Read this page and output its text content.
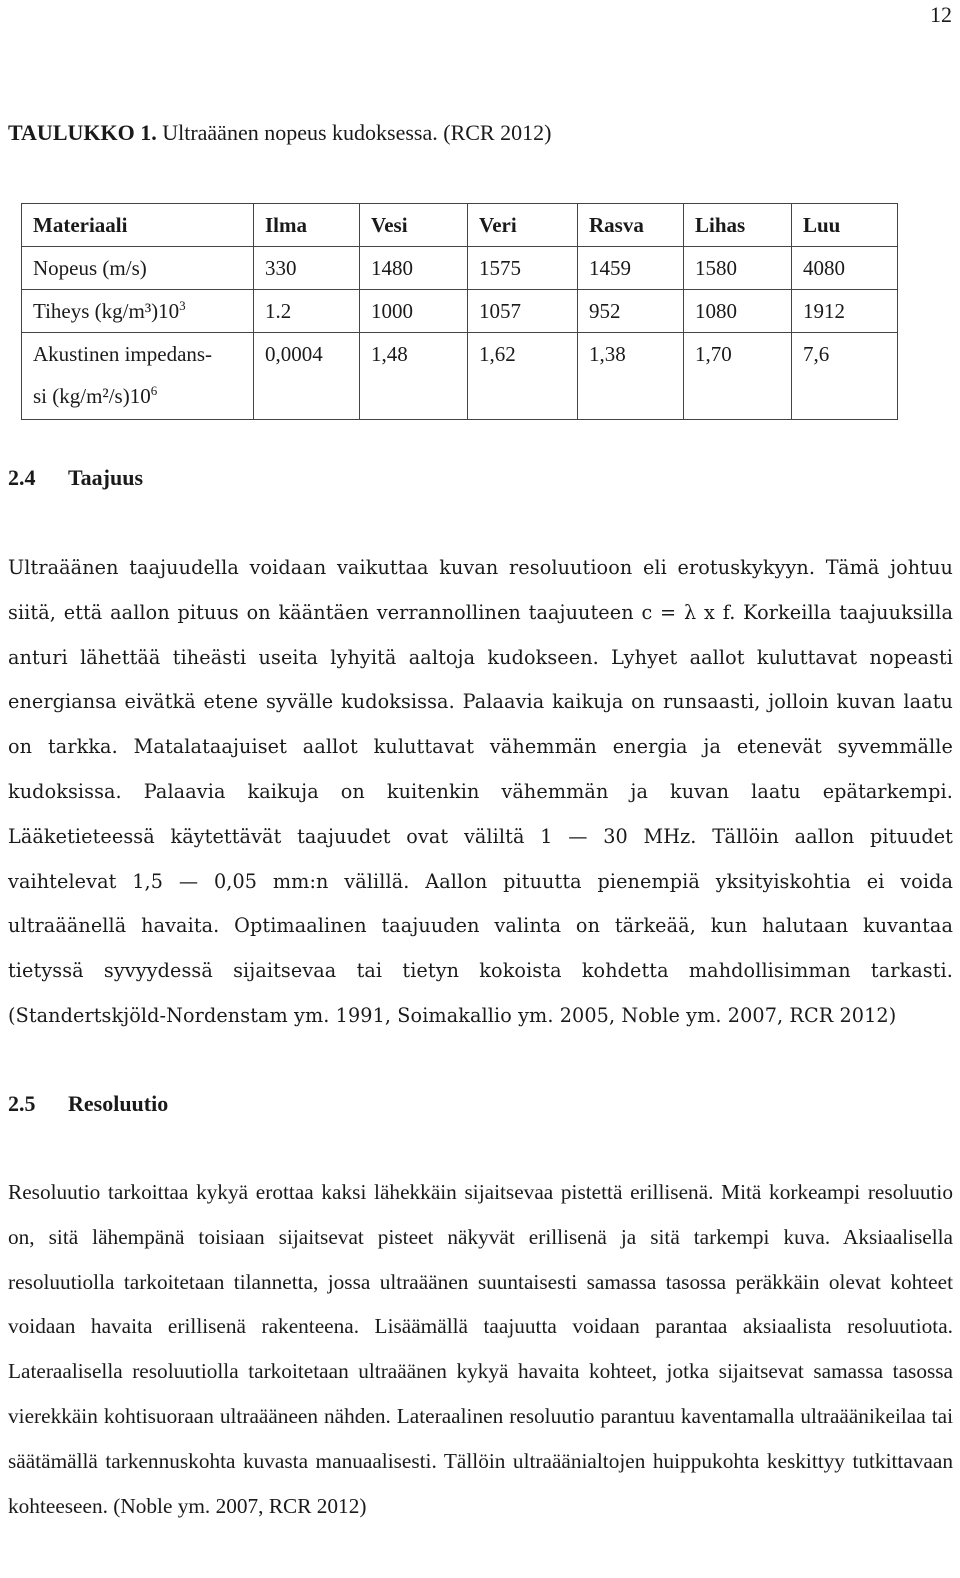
12
TAULUKKO 1. Ultraäänen nopeus kudoksessa. (RCR 2012)
Materiaali	Ilma	Vesi	Veri	Rasva	Lihas	Luu
Nopeus (m/s)	330	1480	1575	1459	1580	4080
Tiheys $(kg/m^3)10^3$	1.2	1000	1057	952	1080	1912
Akustinen impedans-
si $(kg/m^2/s)10^6$	0,0004	1,48	1,62	1,38	1,70	7,6
2.4 Taajuus

Ultraäänen taajuudella voidaan vaikuttaa kuvan resoluutioon eli erotuskykyyn. Tämä johtuu siitä, että aallon pituus on kääntäen verrannollinen taajuuteen c = λ x f. Korkeilla taajuuksilla anturi lähettää tiheästi useita lyhyitä aaltoja kudokseen. Lyhyet aallot kuluttavat nopeasti energiansa eivätkä etene syvälle kudoksissa. Palaavia kaikuja on runsaasti, jolloin kuvan laatu on tarkka. Matalataajuiset aallot kuluttavat vähemmän energia ja etenevät syvemmälle kudoksissa. Palaavia kaikuja on kuitenkin vähemmän ja kuvan laatu epätarkempi. Lääketieteessä käytettävät taajuudet ovat väliltä 1 — 30 MHz. Tällöin aallon pituudet vaihtelevat 1,5 — 0,05 mm:n välillä. Aallon pituutta pienempiä yksityiskohtia ei voida ultraäänellä havaita. Optimaalinen taajuuden valinta on tärkeää, kun halutaan kuvantaa tietyssä syvyydessä sijaitsevaa tai tietyn kokoista kohdetta mahdollisimman tarkasti. (Standertskjöld-Nordenstam ym. 1991, Soimakallio ym. 2005, Noble ym. 2007, RCR 2012)

2.5 Resoluutio

Resoluutio tarkoittaa kykyä erottaa kaksi lähekkäin sijaitsevaa pistettä erillisenä. Mitä korkeampi resoluutio on, sitä lähempänä toisiaan sijaitsevat pisteet näkyvät erillisenä ja sitä tarkempi kuva. Aksiaalisella resoluutiolla tarkoitetaan tilannetta, jossa ultraäänen suuntaisesti samassa tasossa peräkkäin olevat kohteet voidaan havaita erillisenä rakenteena. Lisäämällä taajuutta voidaan parantaa aksiaalista resoluutiota. Lateraalisella resoluutiolla tarkoitetaan ultraäänen kykyä havaita kohteet, jotka sijaitsevat samassa tasossa vierekkäin kohtisuoraan ultraääneen nähden. Lateraalinen resoluutio parantuu kaventamalla ultraäänikeilaa tai säätämällä tarkennuskohta kuvasta manuaalisesti. Tällöin ultraäänialtojen huippukohta keskittyy tutkittavaan kohteeseen. (Noble ym. 2007, RCR 2012)
